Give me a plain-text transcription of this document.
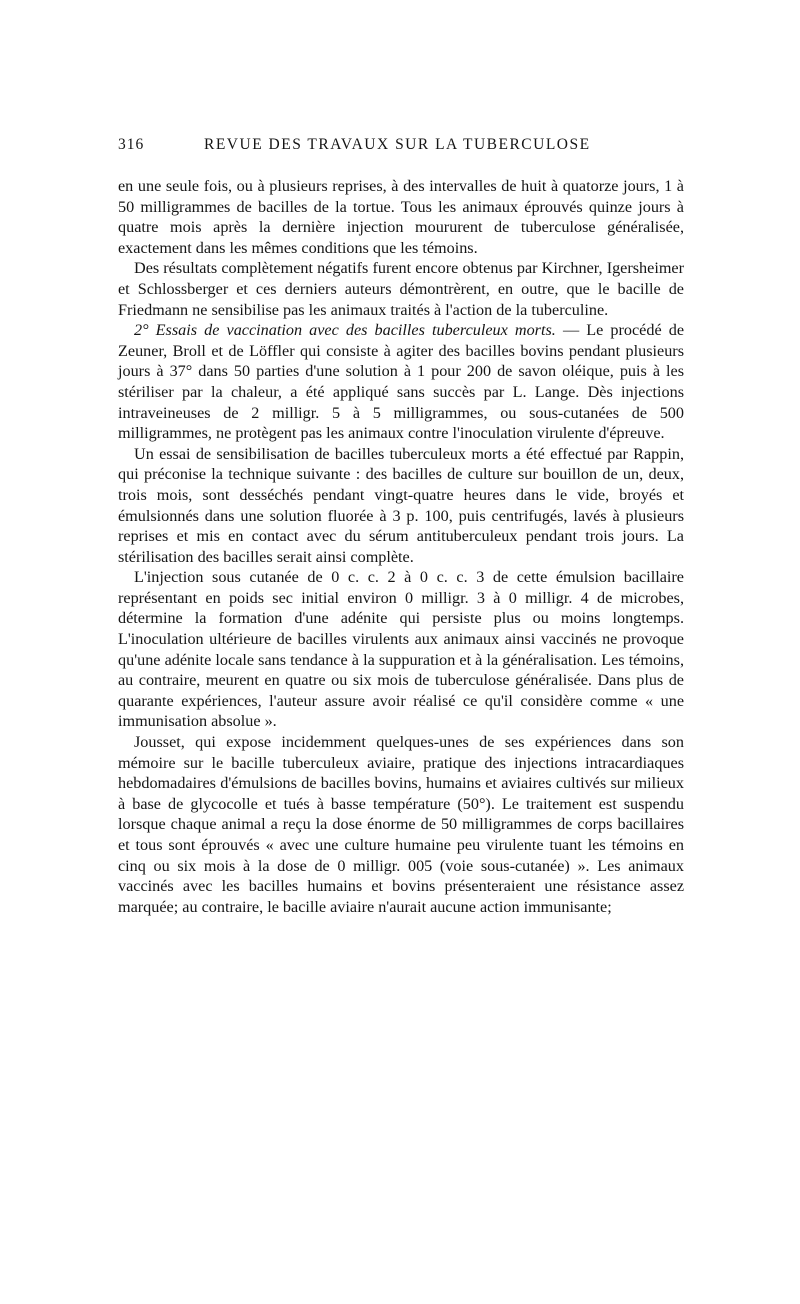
316	REVUE DES TRAVAUX SUR LA TUBERCULOSE

en une seule fois, ou à plusieurs reprises, à des intervalles de huit à quatorze jours, 1 à 50 milligrammes de bacilles de la tortue. Tous les animaux éprouvés quinze jours à quatre mois après la dernière injection moururent de tuberculose généralisée, exactement dans les mêmes conditions que les témoins.

Des résultats complètement négatifs furent encore obtenus par Kirchner, Igersheimer et Schlossberger et ces derniers auteurs démontrèrent, en outre, que le bacille de Friedmann ne sensibilise pas les animaux traités à l'action de la tuberculine.

2° Essais de vaccination avec des bacilles tuberculeux morts. — Le procédé de Zeuner, Broll et de Löffler qui consiste à agiter des bacilles bovins pendant plusieurs jours à 37° dans 50 parties d'une solution à 1 pour 200 de savon oléique, puis à les stériliser par la chaleur, a été appliqué sans succès par L. Lange. Dès injections intraveineuses de 2 milligr. 5 à 5 milligrammes, ou sous-cutanées de 500 milligrammes, ne protègent pas les animaux contre l'inoculation virulente d'épreuve.

Un essai de sensibilisation de bacilles tuberculeux morts a été effectué par Rappin, qui préconise la technique suivante : des bacilles de culture sur bouillon de un, deux, trois mois, sont desséchés pendant vingt-quatre heures dans le vide, broyés et émulsionnés dans une solution fluorée à 3 p. 100, puis centrifugés, lavés à plusieurs reprises et mis en contact avec du sérum antituberculeux pendant trois jours. La stérilisation des bacilles serait ainsi complète.

L'injection sous cutanée de 0 c. c. 2 à 0 c. c. 3 de cette émulsion bacillaire représentant en poids sec initial environ 0 milligr. 3 à 0 milligr. 4 de microbes, détermine la formation d'une adénite qui persiste plus ou moins longtemps. L'inoculation ultérieure de bacilles virulents aux animaux ainsi vaccinés ne provoque qu'une adénite locale sans tendance à la suppuration et à la généralisation. Les témoins, au contraire, meurent en quatre ou six mois de tuberculose généralisée. Dans plus de quarante expériences, l'auteur assure avoir réalisé ce qu'il considère comme « une immunisation absolue ».

Jousset, qui expose incidemment quelques-unes de ses expériences dans son mémoire sur le bacille tuberculeux aviaire, pratique des injections intracardiaques hebdomadaires d'émulsions de bacilles bovins, humains et aviaires cultivés sur milieux à base de glycocolle et tués à basse température (50°). Le traitement est suspendu lorsque chaque animal a reçu la dose énorme de 50 milligrammes de corps bacillaires et tous sont éprouvés « avec une culture humaine peu virulente tuant les témoins en cinq ou six mois à la dose de 0 milligr. 005 (voie sous-cutanée) ». Les animaux vaccinés avec les bacilles humains et bovins présenteraient une résistance assez marquée; au contraire, le bacille aviaire n'aurait aucune action immunisante;
